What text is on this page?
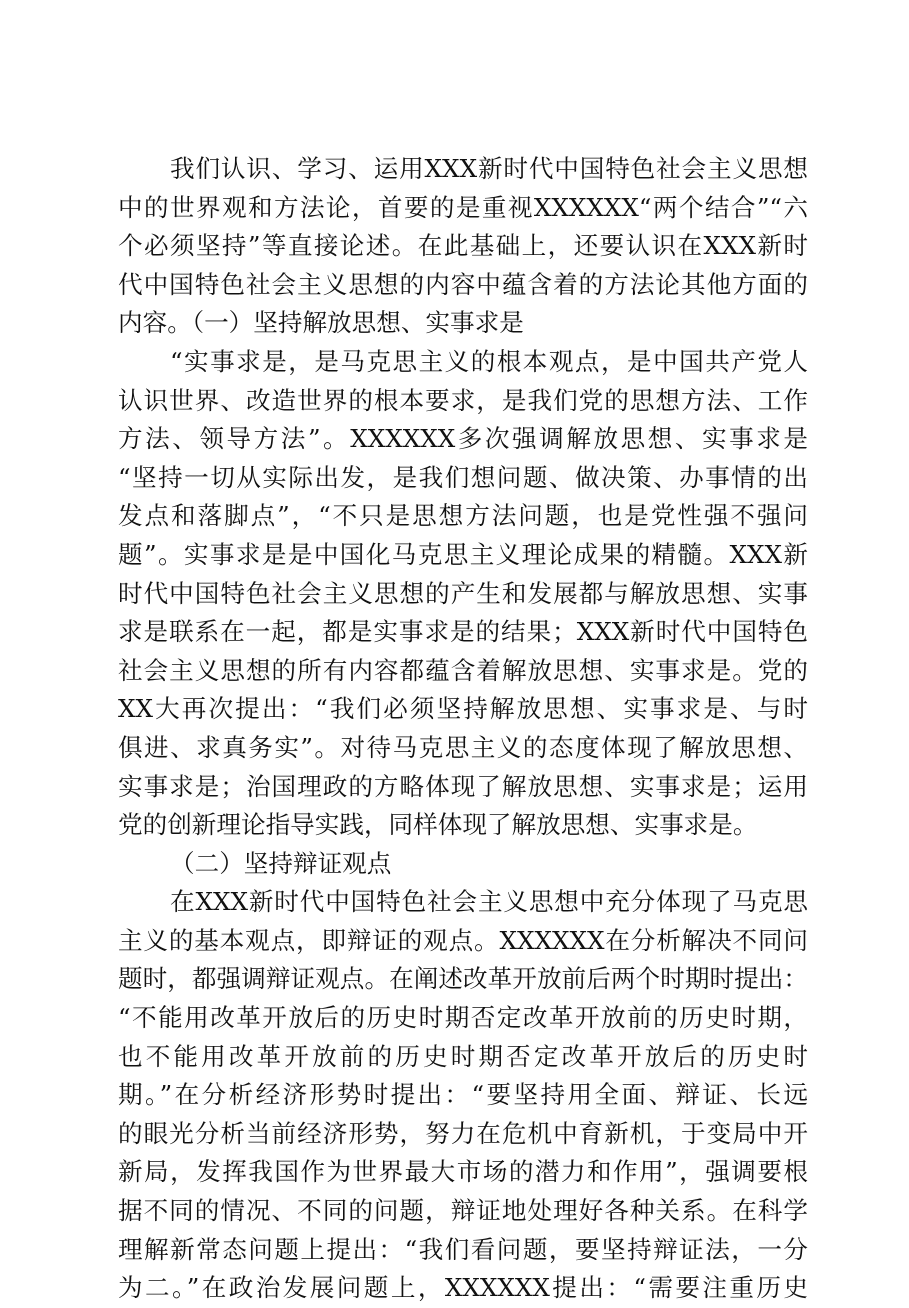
我们认识、学习、运用XXX新时代中国特色社会主义思想
中的世界观和方法论，首要的是重视XXXXXX“两个结合”“六
个必须坚持”等直接论述。在此基础上，还要认识在XXX新时
代中国特色社会主义思想的内容中蕴含着的方法论其他方面的
内容。（一）坚持解放思想、实事求是
“实事求是，是马克思主义的根本观点，是中国共产党人
认识世界、改造世界的根本要求，是我们党的思想方法、工作
方法、领导方法”。XXXXXX多次强调解放思想、实事求是
“坚持一切从实际出发，是我们想问题、做决策、办事情的出
发点和落脚点”，“不只是思想方法问题，也是党性强不强问
题”。实事求是是中国化马克思主义理论成果的精髓。XXX新
时代中国特色社会主义思想的产生和发展都与解放思想、实事
求是联系在一起，都是实事求是的结果；XXX新时代中国特色
社会主义思想的所有内容都蕴含着解放思想、实事求是。党的
XX大再次提出：“我们必须坚持解放思想、实事求是、与时
俱进、求真务实”。对待马克思主义的态度体现了解放思想、
实事求是；治国理政的方略体现了解放思想、实事求是；运用
党的创新理论指导实践，同样体现了解放思想、实事求是。
（二）坚持辩证观点
在XXX新时代中国特色社会主义思想中充分体现了马克思
主义的基本观点，即辩证的观点。XXXXXX在分析解决不同问
题时，都强调辩证观点。在阐述改革开放前后两个时期时提出：
“不能用改革开放后的历史时期否定改革开放前的历史时期，
也不能用改革开放前的历史时期否定改革开放后的历史时
期。”在分析经济形势时提出：“要坚持用全面、辩证、长远
的眼光分析当前经济形势，努力在危机中育新机，于变局中开
新局，发挥我国作为世界最大市场的潜力和作用”，强调要根
据不同的情况、不同的问题，辩证地处理好各种关系。在科学
理解新常态问题上提出：“我们看问题，要坚持辩证法，一分
为二。”在政治发展问题上，XXXXXX提出：“需要注重历史
